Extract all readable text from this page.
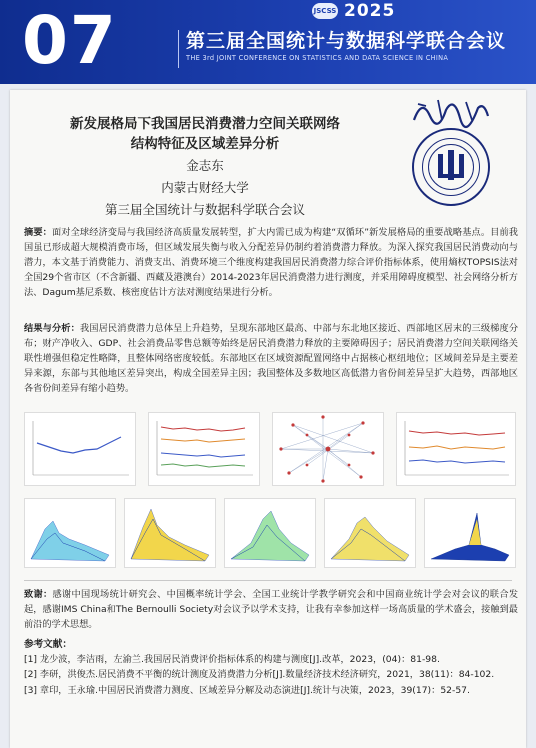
07	JSCSS 2025
第三届全国统计与数据科学联合会议
THE 3rd JOINT CONFERENCE ON STATISTICS AND DATA SCIENCE IN CHINA
新发展格局下我国居民消费潜力空间关联网络
结构特征及区域差异分析
金志东
内蒙古财经大学
第三届全国统计与数据科学联合会议
摘要：面对全球经济变局与我国经济高质量发展转型，扩大内需已成为构建“双循环”新发展格局的重要战略基点。目前我国虽已形成超大规模消费市场，但区域发展失衡与收入分配差异仍制约着消费潜力释放。为深入探究我国居民消费动向与潜力，本文基于消费能力、消费支出、消费环境三个维度构建我国居民消费潜力综合评价指标体系，使用熵权TOPSIS法对全国29个省市区（不含新疆、西藏及港澳台）2014-2023年居民消费潜力进行测度，并采用障碍度模型、社会网络分析方法、Dagum基尼系数、核密度估计方法对测度结果进行分析。
结果与分析：我国居民消费潜力总体呈上升趋势，呈现东部地区最高、中部与东北地区接近、西部地区居末的三级梯度分布；财产净收入、GDP、社会消费品零售总额等始终是居民消费潜力释放的主要障碍因子；居民消费潜力空间关联网络关联性增强但稳定性略降，且整体网络密度较低。东部地区在区域资源配置网络中占据核心枢纽地位；区域间差异是主要差异来源，东部与其他地区差异突出，构成全国差异主因；我国整体及多数地区高低潜力省份间差异呈扩大趋势，西部地区各省份间差异有缩小趋势。
致谢：感谢中国现场统计研究会、中国概率统计学会、全国工业统计学教学研究会和中国商业统计学会对会议的联合发起，感谢IMS China和The Bernoulli Society对会议予以学术支持，让我有幸参加这样一场高质量的学术盛会，接触到最前沿的学术思想。
参考文献：
[1] 龙少波，李洁雨，左渝兰.我国居民消费评价指标体系的构建与测度[J].改革，2023，(04)：81-98.
[2] 李研，洪俊杰.居民消费不平衡的统计测度及消费潜力分析[J].数量经济技术经济研究，2021，38(11)：84-102.
[3] 章印，王永瑜.中国居民消费潜力测度、区域差异分解及动态演进[J].统计与决策，2023，39(17)：52-57.
